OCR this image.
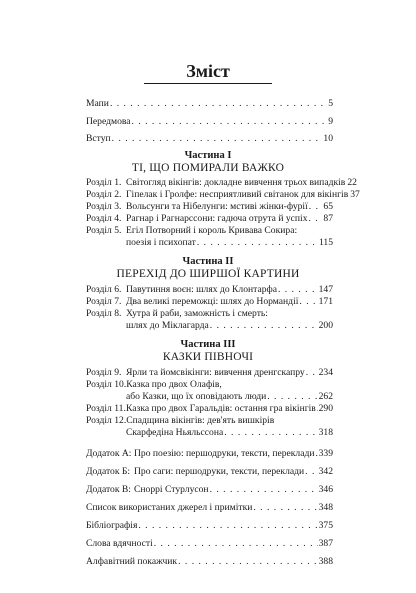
Зміст
Мапи . . .	5
Передмова . . .	9
Вступ . . .	10
Частина І
ТІ, ЩО ПОМИРАЛИ ВАЖКО
Розділ 1. Світогляд вікінгів: докладне вивчення трьох випадків 22
Розділ 2. Гіпелак і Гролфе: несприятливий світанок для вікінгів 37
Розділ 3. Вольсунги та Нібелунги: мстиві жінки-фурії . . . 65
Розділ 4. Рагнар і Рагнарссони: гадюча отрута й успіх . . . 87
Розділ 5. Егіл Потворний і король Кривава Сокира:
поезія і психопат . . .	115
Частина ІІ
ПЕРЕХІД ДО ШИРШОЇ КАРТИНИ
Розділ 6. Павутиння воєн: шлях до Клонтарфа . . .	147
Розділ 7. Два великі переможці: шлях до Нормандії . . . 171
Розділ 8. Хутра й раби, заможність і смерть:
шлях до Міклагарда . . .	200
Частина ІІІ
КАЗКИ ПІВНОЧІ
Розділ 9. Ярли та йомсвікінги: вивчення дренгскапру . . . 234
Розділ 10. Казка про двох Олафів,
або Казки, що їх оповідають люди . . .	262
Розділ 11. Казка про двох Гаральдів: остання гра вікінгів . . . 290
Розділ 12. Спадщина вікінгів: дев'ять вишкірів
Скарфедіна Ньяльссона . . .	318
Додаток А: Про поезію: першодруки, тексти, переклади . . . 339
Додаток Б: Про саги: першодруки, тексти, переклади . . . 342
Додаток В: Сноррі Стурлусон . . .	346
Список використаних джерел і примітки . . .	348
Бібліографія . . .	375
Слова вдячності . . .	387
Алфавітний покажчик . . .	388
